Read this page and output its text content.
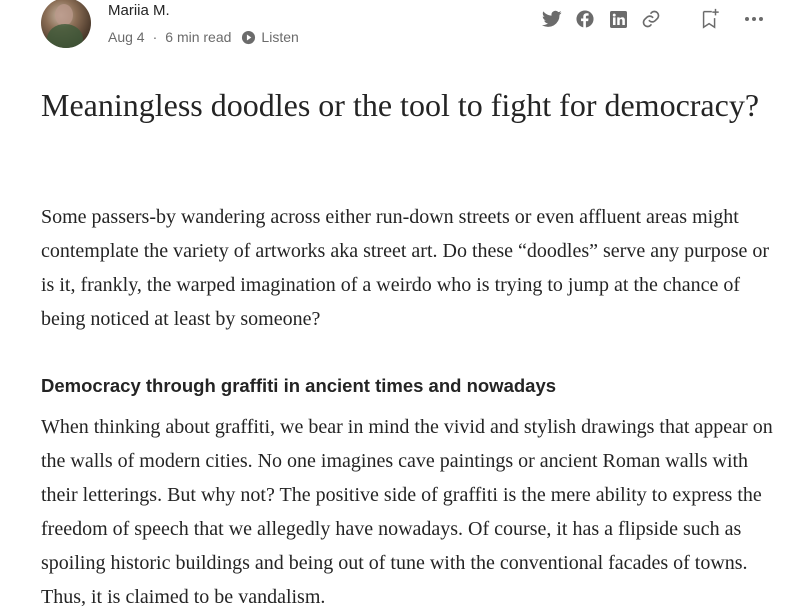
Mariia M.
Aug 4 · 6 min read Listen
Meaningless doodles or the tool to fight for democracy?

Some passers-by wandering across either run-down streets or even affluent areas might contemplate the variety of artworks aka street art. Do these “doodles” serve any purpose or is it, frankly, the warped imagination of a weirdo who is trying to jump at the chance of being noticed at least by someone?

Democracy through graffiti in ancient times and nowadays

When thinking about graffiti, we bear in mind the vivid and stylish drawings that appear on the walls of modern cities. No one imagines cave paintings or ancient Roman walls with their letterings. But why not? The positive side of graffiti is the mere ability to express the freedom of speech that we allegedly have nowadays. Of course, it has a flipside such as spoiling historic buildings and being out of tune with the conventional facades of towns. Thus, it is claimed to be vandalism.
